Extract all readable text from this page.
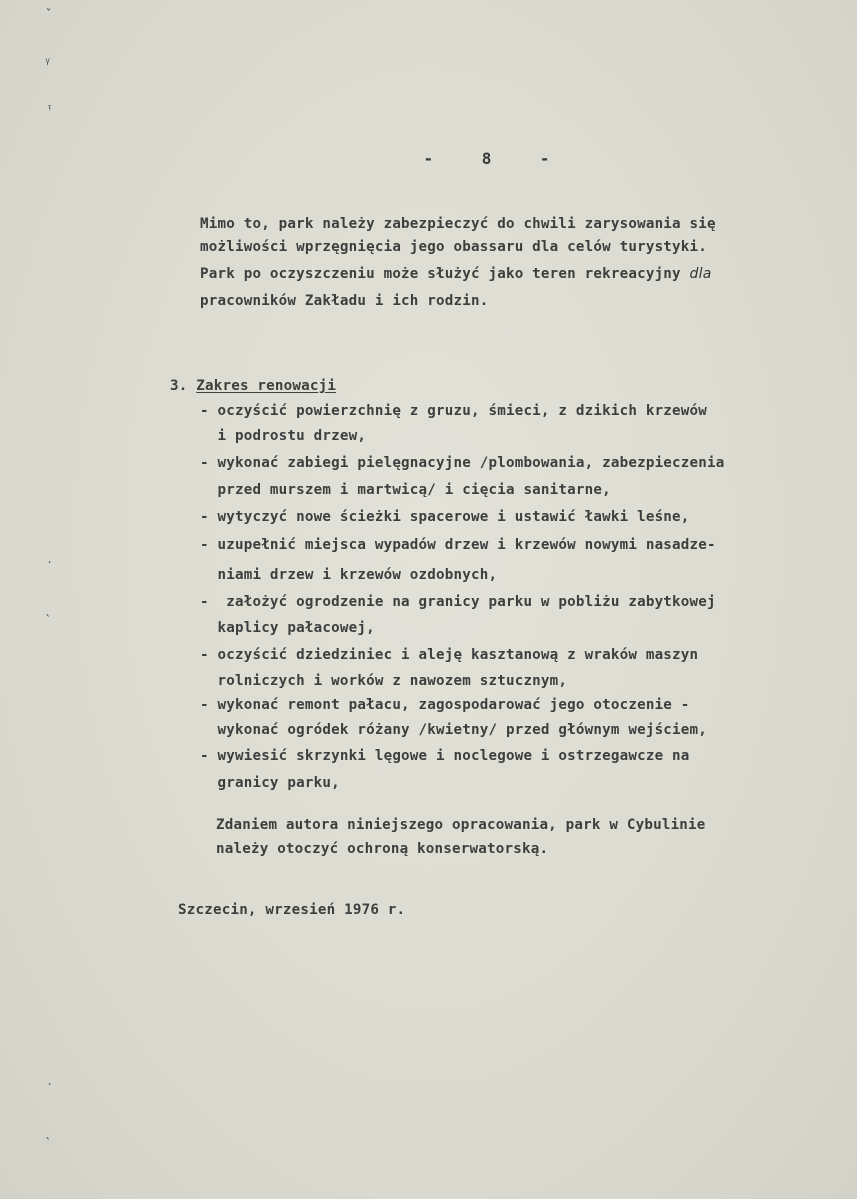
ˇ
ᵞ
ᵎ
ˑ
ˎ
ˑ
ˎ

-	8	-

Mimo to, park należy zabezpieczyć do chwili zarysowania się
możliwości wprzęgnięcia jego obassaru dla celów turystyki.
Park po oczyszczeniu może służyć jako teren rekreacyjny dla
pracowników Zakładu i ich rodzin.
3. Zakres renowacji
- oczyścić powierzchnię z gruzu, śmieci, z dzikich krzewów
i podrostu drzew,
- wykonać zabiegi pielęgnacyjne /plombowania, zabezpieczenia
przed murszem i martwicą/ i cięcia sanitarne,
- wytyczyć nowe ścieżki spacerowe i ustawić ławki leśne,
- uzupełnić miejsca wypadów drzew i krzewów nowymi nasadze-
niami drzew i krzewów ozdobnych,
-  założyć ogrodzenie na granicy parku w pobliżu zabytkowej
kaplicy pałacowej,
- oczyścić dziedziniec i aleję kasztanową z wraków maszyn
rolniczych i worków z nawozem sztucznym,
- wykonać remont pałacu, zagospodarować jego otoczenie -
wykonać ogródek różany /kwietny/ przed głównym wejściem,
- wywiesić skrzynki lęgowe i noclegowe i ostrzegawcze na
granicy parku,
Zdaniem autora niniejszego opracowania, park w Cybulinie
należy otoczyć ochroną konserwatorską.
Szczecin, wrzesień 1976 r.
